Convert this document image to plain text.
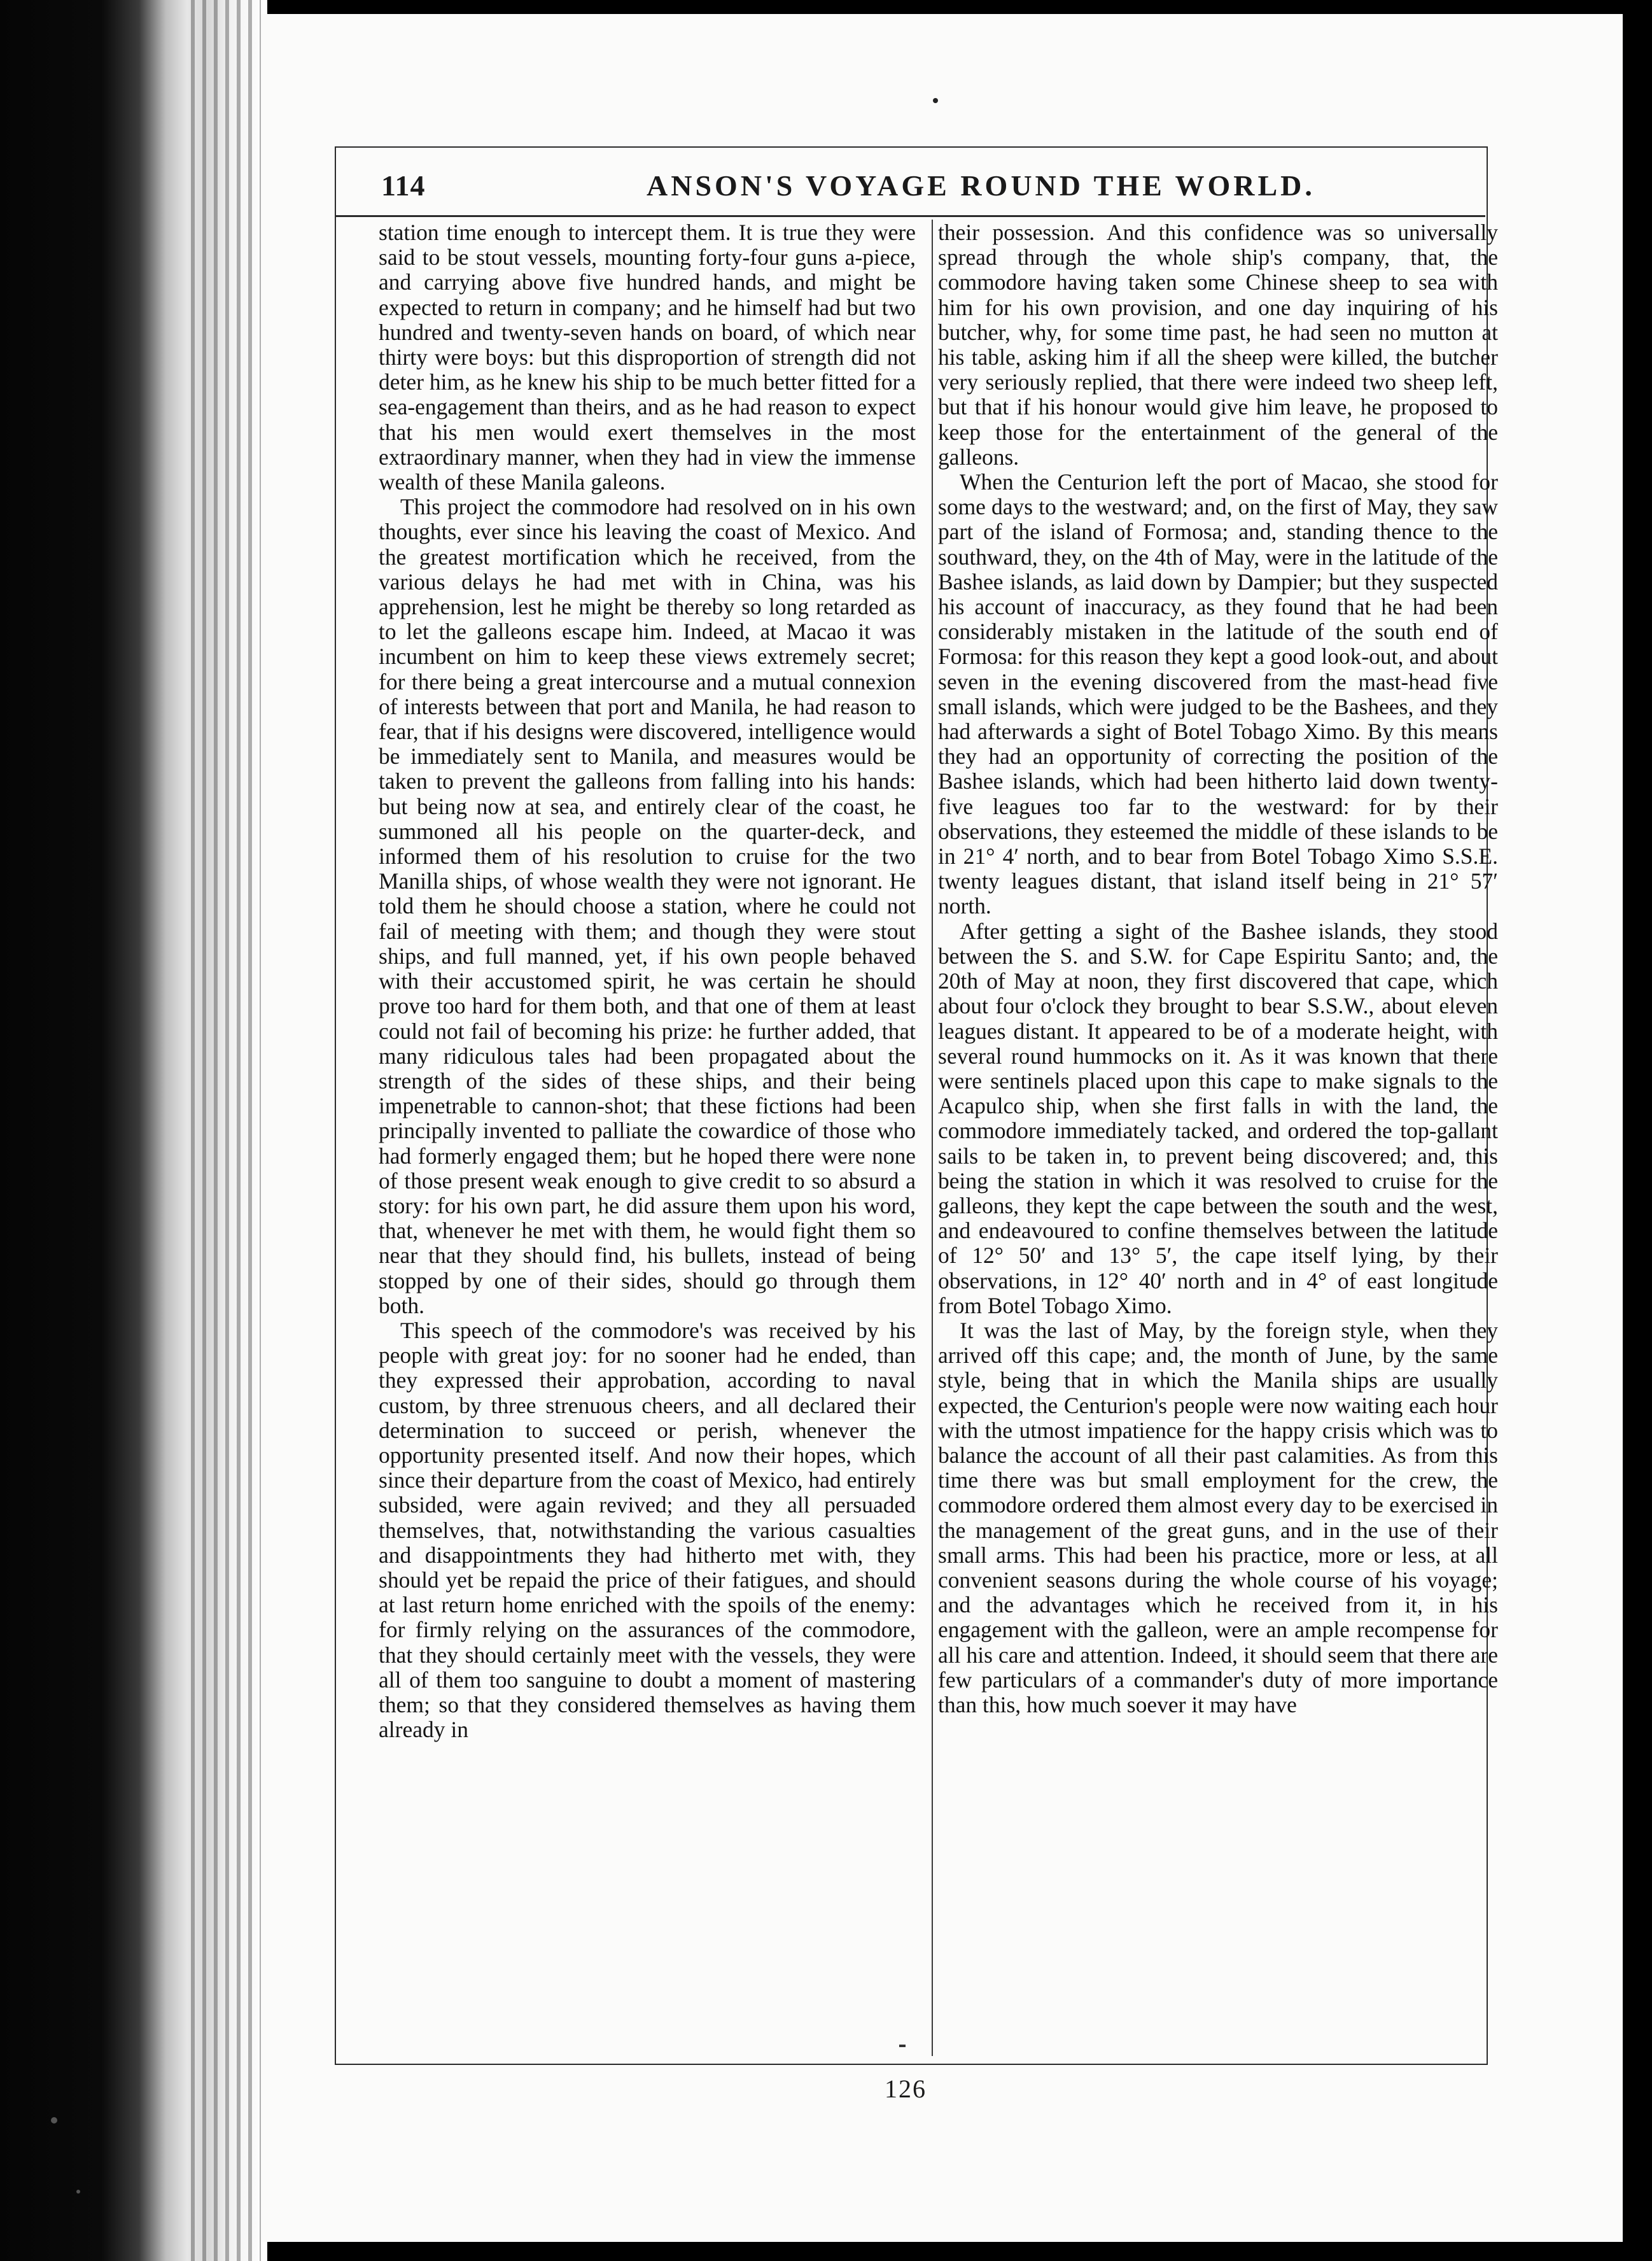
114	ANSON'S VOYAGE ROUND THE WORLD.

station time enough to intercept them. It is true they were said to be stout vessels, mounting forty-four guns a-piece, and carrying above five hundred hands, and might be expected to return in company; and he himself had but two hundred and twenty-seven hands on board, of which near thirty were boys: but this disproportion of strength did not deter him, as he knew his ship to be much better fitted for a sea-engagement than theirs, and as he had reason to expect that his men would exert themselves in the most extraordinary manner, when they had in view the immense wealth of these Manila galeons.

This project the commodore had resolved on in his own thoughts, ever since his leaving the coast of Mexico. And the greatest mortification which he received, from the various delays he had met with in China, was his apprehension, lest he might be thereby so long retarded as to let the galleons escape him. Indeed, at Macao it was incumbent on him to keep these views extremely secret; for there being a great intercourse and a mutual connexion of interests between that port and Manila, he had reason to fear, that if his designs were discovered, intelligence would be immediately sent to Manila, and measures would be taken to prevent the galleons from falling into his hands: but being now at sea, and entirely clear of the coast, he summoned all his people on the quarter-deck, and informed them of his resolution to cruise for the two Manilla ships, of whose wealth they were not ignorant. He told them he should choose a station, where he could not fail of meeting with them; and though they were stout ships, and full manned, yet, if his own people behaved with their accustomed spirit, he was certain he should prove too hard for them both, and that one of them at least could not fail of becoming his prize: he further added, that many ridiculous tales had been propagated about the strength of the sides of these ships, and their being impenetrable to cannon-shot; that these fictions had been principally invented to palliate the cowardice of those who had formerly engaged them; but he hoped there were none of those present weak enough to give credit to so absurd a story: for his own part, he did assure them upon his word, that, whenever he met with them, he would fight them so near that they should find, his bullets, instead of being stopped by one of their sides, should go through them both.

This speech of the commodore's was received by his people with great joy: for no sooner had he ended, than they expressed their approbation, according to naval custom, by three strenuous cheers, and all declared their determination to succeed or perish, whenever the opportunity presented itself. And now their hopes, which since their departure from the coast of Mexico, had entirely subsided, were again revived; and they all persuaded themselves, that, notwithstanding the various casualties and disappointments they had hitherto met with, they should yet be repaid the price of their fatigues, and should at last return home enriched with the spoils of the enemy: for firmly relying on the assurances of the commodore, that they should certainly meet with the vessels, they were all of them too sanguine to doubt a moment of mastering them; so that they considered themselves as having them already in

their possession. And this confidence was so universally spread through the whole ship's company, that, the commodore having taken some Chinese sheep to sea with him for his own provision, and one day inquiring of his butcher, why, for some time past, he had seen no mutton at his table, asking him if all the sheep were killed, the butcher very seriously replied, that there were indeed two sheep left, but that if his honour would give him leave, he proposed to keep those for the entertainment of the general of the galleons.

When the Centurion left the port of Macao, she stood for some days to the westward; and, on the first of May, they saw part of the island of Formosa; and, standing thence to the southward, they, on the 4th of May, were in the latitude of the Bashee islands, as laid down by Dampier; but they suspected his account of inaccuracy, as they found that he had been considerably mistaken in the latitude of the south end of Formosa: for this reason they kept a good look-out, and about seven in the evening discovered from the mast-head five small islands, which were judged to be the Bashees, and they had afterwards a sight of Botel Tobago Ximo. By this means they had an opportunity of correcting the position of the Bashee islands, which had been hitherto laid down twenty-five leagues too far to the westward: for by their observations, they esteemed the middle of these islands to be in 21° 4′ north, and to bear from Botel Tobago Ximo S.S.E. twenty leagues distant, that island itself being in 21° 57′ north.

After getting a sight of the Bashee islands, they stood between the S. and S.W. for Cape Espiritu Santo; and, the 20th of May at noon, they first discovered that cape, which about four o'clock they brought to bear S.S.W., about eleven leagues distant. It appeared to be of a moderate height, with several round hummocks on it. As it was known that there were sentinels placed upon this cape to make signals to the Acapulco ship, when she first falls in with the land, the commodore immediately tacked, and ordered the top-gallant sails to be taken in, to prevent being discovered; and, this being the station in which it was resolved to cruise for the galleons, they kept the cape between the south and the west, and endeavoured to confine themselves between the latitude of 12° 50′ and 13° 5′, the cape itself lying, by their observations, in 12° 40′ north and in 4° of east longitude from Botel Tobago Ximo.

It was the last of May, by the foreign style, when they arrived off this cape; and, the month of June, by the same style, being that in which the Manila ships are usually expected, the Centurion's people were now waiting each hour with the utmost impatience for the happy crisis which was to balance the account of all their past calamities. As from this time there was but small employment for the crew, the commodore ordered them almost every day to be exercised in the management of the great guns, and in the use of their small arms. This had been his practice, more or less, at all convenient seasons during the whole course of his voyage; and the advantages which he received from it, in his engagement with the galleon, were an ample recompense for all his care and attention. Indeed, it should seem that there are few particulars of a commander's duty of more importance than this, how much soever it may have

126
